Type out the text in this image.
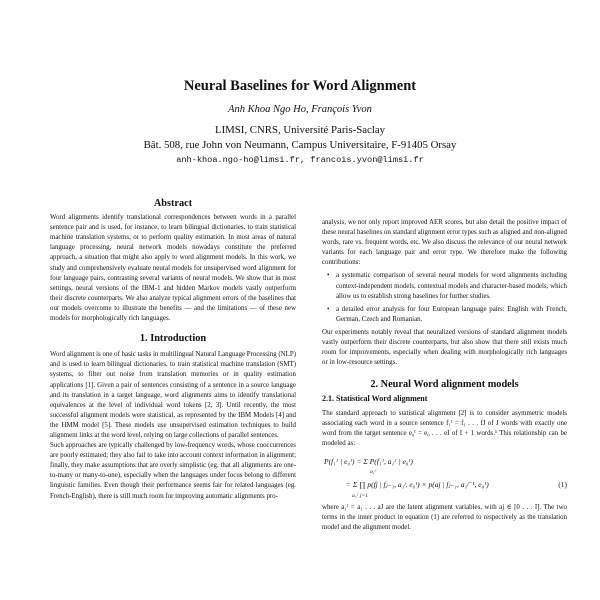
Neural Baselines for Word Alignment
Anh Khoa Ngo Ho, François Yvon
LIMSI, CNRS, Université Paris-Saclay
Bât. 508, rue John von Neumann, Campus Universitaire, F-91405 Orsay
anh-khoa.ngo-ho@limsi.fr, francois.yvon@limsi.fr
Abstract

Word alignments identify translational correspondences between words in a parallel sentence pair and is used, for instance, to learn bilingual dictionaries, to train statistical machine translation systems, or to perform quality estimation. In most areas of natural language processing, neural network models nowadays constitute the preferred approach, a situation that might also apply to word alignment models. In this work, we study and comprehensively evaluate neural models for unsupervised word alignment for four language pairs, contrasting several variants of neural models. We show that in most settings, neural versions of the IBM-1 and hidden Markov models vastly outperform their discrete counterparts. We also analyze typical alignment errors of the baselines that our models overcome to illustrate the benefits — and the limitations — of these new models for morphologically rich languages.

1. Introduction

Word alignment is one of basic tasks in multilingual Natural Language Processing (NLP) and is used to learn bilingual dictionaries, to train statistical machine translation (SMT) systems, to filter out noise from translation memories or in quality estimation applications [1]. Given a pair of sentences consisting of a sentence in a source language and its translation in a target language, word alignments aims to identify translational equivalences at the level of individual word tokens [2, 3]. Until recently, the most successful alignment models were statistical, as represented by the IBM Models [4] and the HMM model [5]. These models use unsupervised estimation techniques to build alignment links at the word level, relying on large collections of parallel sentences.

Such approaches are typically challenged by low-frequency words, whose cooccurrences are poorly estimated; they also fail to take into account context information in alignment; finally, they make assumptions that are overly simplistic (eg. that all alignments are one-to-many or many-to-one), especially when the languages under focus belong to different linguistic families. Even though their performance seems fair for related languages (eg. French-English), there is still much room for improving automatic alignments pro-

analysis, we not only report improved AER scores, but also detail the positive impact of these neural baselines on standard alignment error types such as aligned and non-aligned words, rare vs. frequent words, etc. We also discuss the relevance of our neural network variants for each language pair and error type. We therefore make the following contributions:

• a systematic comparison of several neural models for word alignments including context-independent models, contextual models and character-based models, which allow us to establish strong baselines for further studies.
• a detailed error analysis for four European language pairs: English with French, German, Czech and Romanian.

Our experiments notably reveal that neuralized versions of standard alignment models vastly outperform their discrete counterparts, but also show that there still exists much room for improvements, especially when dealing with morphologically rich languages or in low-resource settings.

2. Neural Word alignment models
2.1. Statistical Word alignment

The standard approach to statistical alignment [2] is to consider asymmetric models associating each word in a source sentence f₁ᴶ = f₁ . . . fJ of J words with exactly one word from the target sentence e₀ᴵ = e₀ . . . eI of I + 1 words.¹ This relationship can be modeled as:

P(f₁ᴶ | e₀ᴵ) = Σ P(f₁ᴶ, a₁ᴶ | e₀ᴵ)
a₁ᴶ
= Σ ∏ p(fj | fⱼ₋₁, a₁ʲ, e₀ᴵ) × p(aj | fⱼ₋₁, a₁ʲ⁻¹, e₀ᴵ)
a₁ᴶ j=1
(1)

where a₁ᴶ = a₁ . . . aJ are the latent alignment variables, with aj ∈ [0 . . . I]. The two terms in the inner product in equation (1) are referred to respectively as the translation model and the alignment model.
